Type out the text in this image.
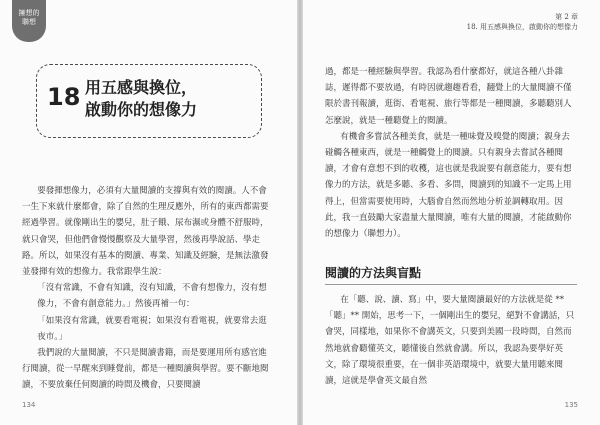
擁想的
聯想
18 用五感與換位，
啟動你的想像力

要發揮想像力，必須有大量閱讀的支撐與有效的閱讀。人不會一生下來就什麼都會，除了自然的生理反應外，所有的東西都需要經過學習。就像剛出生的嬰兒，肚子餓、尿布濕或身體不舒服時，就只會哭，但他們會慢慢觀察及大量學習，然後再學說話、學走路。所以，如果沒有基本的閱讀、專業、知識及經驗，是無法激發並發揮有效的想像力。我常跟學生說：

「沒有常識，不會有知識，沒有知識，不會有想像力，沒有想像力，不會有創意能力。」然後再補一句：

「如果沒有常識，就要看電視；如果沒有看電視，就要常去逛夜市。」

我們說的大量閱讀，不只是閱讀書籍，而是要運用所有感官進行閱讀，從一早醒來到睡覺前，都是一種閱讀與學習。要不斷地閱讀，不要放棄任何閱讀的時間及機會，只要閱讀

134
第 2 章
18. 用五感與換位，啟動你的想像力

過，都是一種經驗與學習。我認為看什麼都好，就這各種八卦雜誌，遲得都不要放過，有時因就趨趨看看，翻覺上的大量閱讀不僅限於書刊報讀，逛街、看電視、旅行等都是一種閱讀，多聽聽別人怎麼說，就是一種聽覺上的閱讀。

有機會多嘗試各種美食，就是一種味覺及嗅覺的閱讀；親身去碰觸各種東西，就是一種觸覺上的閱讀。只有親身去嘗試各種閱讀，才會有意想不到的收穫，這也就是我說要有創意能力，要有想像力的方法，就是多聽、多看、多問，閱讀到的知識不一定馬上用得上，但當需要使用時，大腦會自然而然地分析並調轉取用。因此，我一直鼓勵大家盡量大量閱讀，唯有大量的閱讀，才能啟動你的想像力（聯想力）。

閱讀的方法與盲點

在「聽、說、讀、寫」中，要大量閱讀最好的方法就是從 **「聽」** 開始，思考一下，一個剛出生的嬰兒，絕對不會講話，只會哭，同樣地，如果你不會講英文，只要到美國一段時間，自然而然地就會聽懂英文，聽懂後自然就會講。所以，我認為要學好英文，除了環境很重要，在一個非英語環境中，就要大量用聽來閱讀，這就是學會英文最自然

135
